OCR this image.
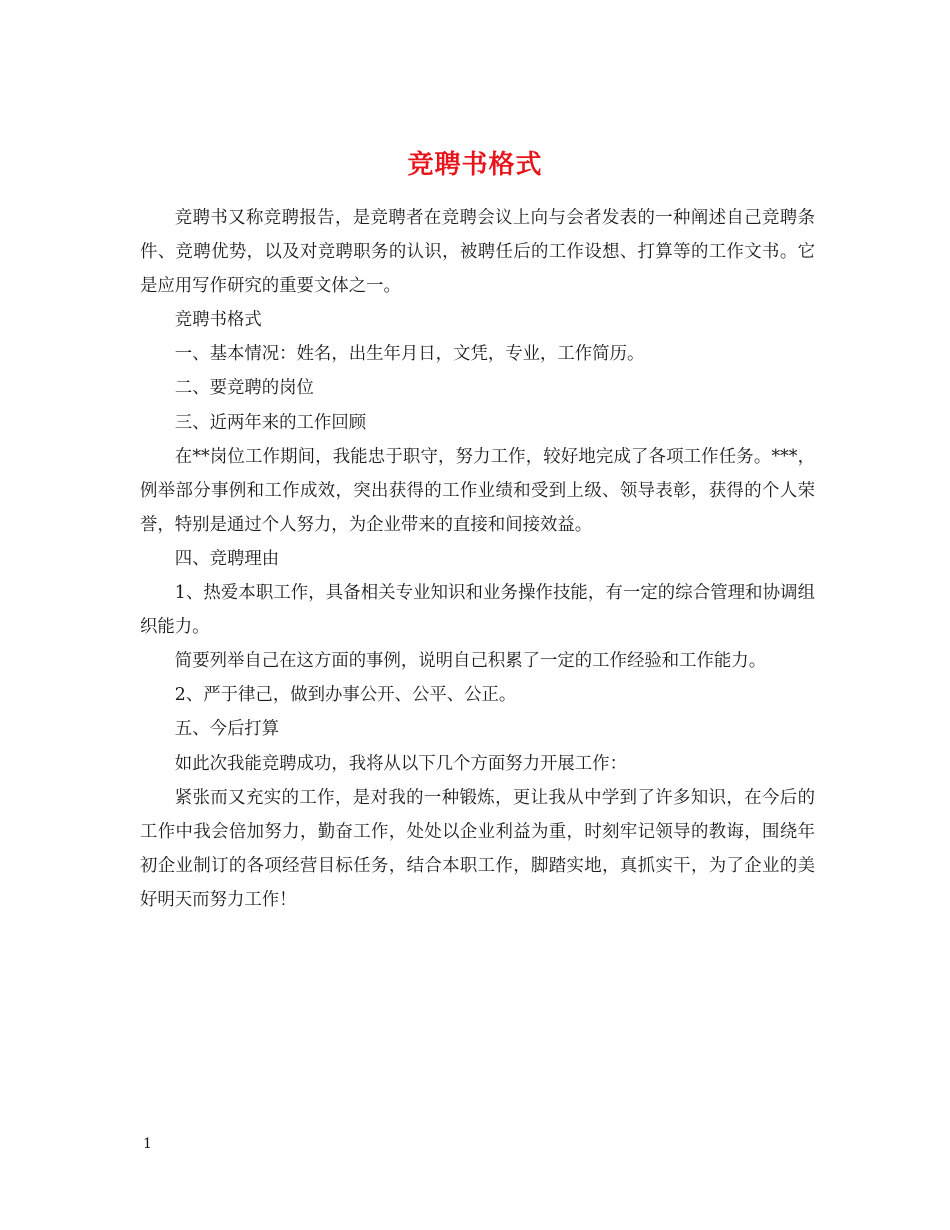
竞聘书格式

竞聘书又称竞聘报告，是竞聘者在竞聘会议上向与会者发表的一种阐述自己竞聘条件、竞聘优势，以及对竞聘职务的认识，被聘任后的工作设想、打算等的工作文书。它是应用写作研究的重要文体之一。

竞聘书格式

一、基本情况：姓名，出生年月日，文凭，专业，工作简历。

二、要竞聘的岗位

三、近两年来的工作回顾

在**岗位工作期间，我能忠于职守，努力工作，较好地完成了各项工作任务。***，例举部分事例和工作成效，突出获得的工作业绩和受到上级、领导表彰，获得的个人荣誉，特别是通过个人努力，为企业带来的直接和间接效益。

四、竞聘理由

1、热爱本职工作，具备相关专业知识和业务操作技能，有一定的综合管理和协调组织能力。

简要列举自己在这方面的事例，说明自己积累了一定的工作经验和工作能力。

2、严于律己，做到办事公开、公平、公正。

五、今后打算

如此次我能竞聘成功，我将从以下几个方面努力开展工作：

紧张而又充实的工作，是对我的一种锻炼，更让我从中学到了许多知识，在今后的工作中我会倍加努力，勤奋工作，处处以企业利益为重，时刻牢记领导的教诲，围绕年初企业制订的各项经营目标任务，结合本职工作，脚踏实地，真抓实干，为了企业的美好明天而努力工作！

1
